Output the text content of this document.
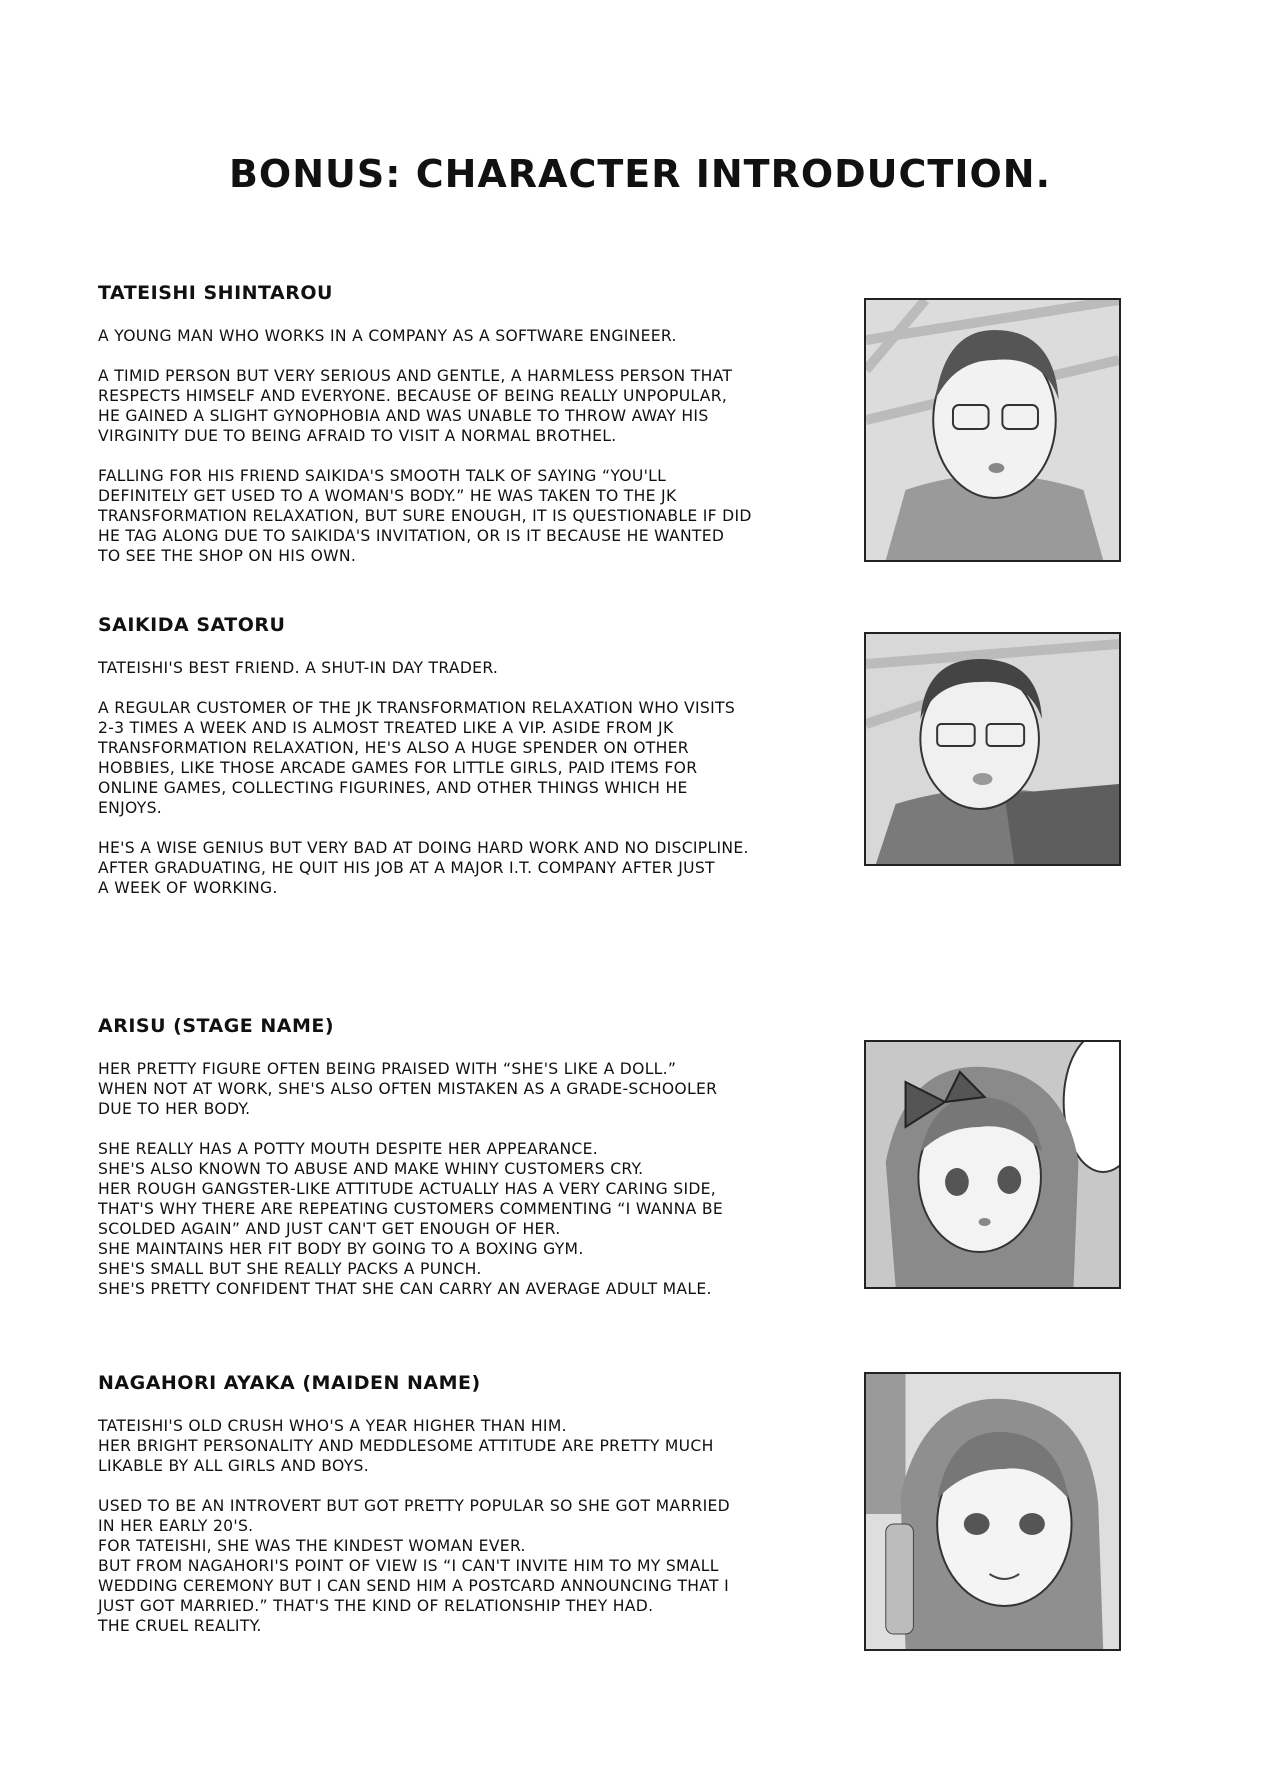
BONUS: CHARACTER INTRODUCTION.
TATEISHI SHINTAROU
A YOUNG MAN WHO WORKS IN A COMPANY AS A SOFTWARE ENGINEER.
A TIMID PERSON BUT VERY SERIOUS AND GENTLE, A HARMLESS PERSON THAT
RESPECTS HIMSELF AND EVERYONE. BECAUSE OF BEING REALLY UNPOPULAR,
HE GAINED A SLIGHT GYNOPHOBIA AND WAS UNABLE TO THROW AWAY HIS
VIRGINITY DUE TO BEING AFRAID TO VISIT A NORMAL BROTHEL.
FALLING FOR HIS FRIEND SAIKIDA'S SMOOTH TALK OF SAYING “YOU'LL
DEFINITELY GET USED TO A WOMAN'S BODY.” HE WAS TAKEN TO THE JK
TRANSFORMATION RELAXATION, BUT SURE ENOUGH, IT IS QUESTIONABLE IF DID
HE TAG ALONG DUE TO SAIKIDA'S INVITATION, OR IS IT BECAUSE HE WANTED
TO SEE THE SHOP ON HIS OWN.
SAIKIDA SATORU
TATEISHI'S BEST FRIEND. A SHUT-IN DAY TRADER.
A REGULAR CUSTOMER OF THE JK TRANSFORMATION RELAXATION WHO VISITS
2-3 TIMES A WEEK AND IS ALMOST TREATED LIKE A VIP. ASIDE FROM JK
TRANSFORMATION RELAXATION, HE'S ALSO A HUGE SPENDER ON OTHER
HOBBIES, LIKE THOSE ARCADE GAMES FOR LITTLE GIRLS, PAID ITEMS FOR
ONLINE GAMES, COLLECTING FIGURINES, AND OTHER THINGS WHICH HE
ENJOYS.
HE'S A WISE GENIUS BUT VERY BAD AT DOING HARD WORK AND NO DISCIPLINE.
AFTER GRADUATING, HE QUIT HIS JOB AT A MAJOR I.T. COMPANY AFTER JUST
A WEEK OF WORKING.
ARISU (STAGE NAME)
HER PRETTY FIGURE OFTEN BEING PRAISED WITH “SHE'S LIKE A DOLL.”
WHEN NOT AT WORK, SHE'S ALSO OFTEN MISTAKEN AS A GRADE-SCHOOLER
DUE TO HER BODY.
SHE REALLY HAS A POTTY MOUTH DESPITE HER APPEARANCE.
SHE'S ALSO KNOWN TO ABUSE AND MAKE WHINY CUSTOMERS CRY.
HER ROUGH GANGSTER-LIKE ATTITUDE ACTUALLY HAS A VERY CARING SIDE,
THAT'S WHY THERE ARE REPEATING CUSTOMERS COMMENTING “I WANNA BE
SCOLDED AGAIN” AND JUST CAN'T GET ENOUGH OF HER.
SHE MAINTAINS HER FIT BODY BY GOING TO A BOXING GYM.
SHE'S SMALL BUT SHE REALLY PACKS A PUNCH.
SHE'S PRETTY CONFIDENT THAT SHE CAN CARRY AN AVERAGE ADULT MALE.
NAGAHORI AYAKA (MAIDEN NAME)
TATEISHI'S OLD CRUSH WHO'S A YEAR HIGHER THAN HIM.
HER BRIGHT PERSONALITY AND MEDDLESOME ATTITUDE ARE PRETTY MUCH
LIKABLE BY ALL GIRLS AND BOYS.
USED TO BE AN INTROVERT BUT GOT PRETTY POPULAR SO SHE GOT MARRIED
IN HER EARLY 20'S.
FOR TATEISHI, SHE WAS THE KINDEST WOMAN EVER.
BUT FROM NAGAHORI'S POINT OF VIEW IS “I CAN'T INVITE HIM TO MY SMALL
WEDDING CEREMONY BUT I CAN SEND HIM A POSTCARD ANNOUNCING THAT I
JUST GOT MARRIED.” THAT'S THE KIND OF RELATIONSHIP THEY HAD.
THE CRUEL REALITY.
